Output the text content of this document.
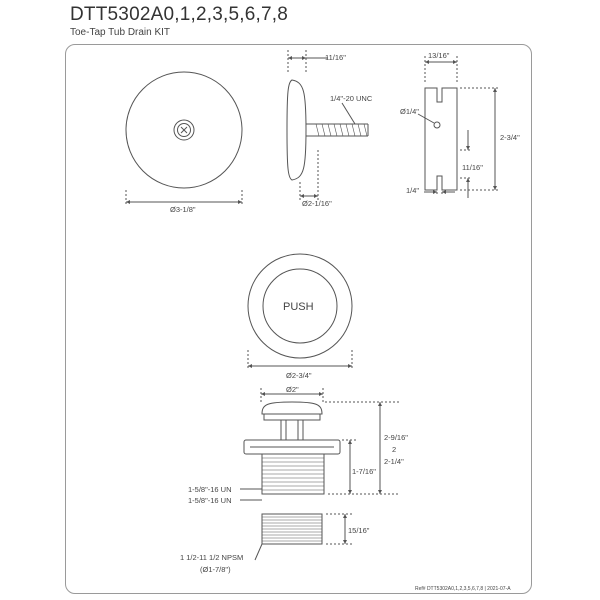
DTT5302A0,1,2,3,5,6,7,8
Toe-Tap Tub Drain KIT
Ø3-1/8"
11/16"
1/4"-20 UNC
Ø2-1/16"
13/16"
Ø1/4"
2-3/4"
11/16"
1/4"
PUSH
Ø2-3/4"
Ø2"
2-9/16"
2
2-1/4"
1-7/16"
1-5/8"-16 UN
1-5/8"-16 UN
15/16"
1 1/2-11 1/2 NPSM
(Ø1-7/8")
Ref# DTT5302A0,1,2,3,5,6,7,8 | 2021-07-A
